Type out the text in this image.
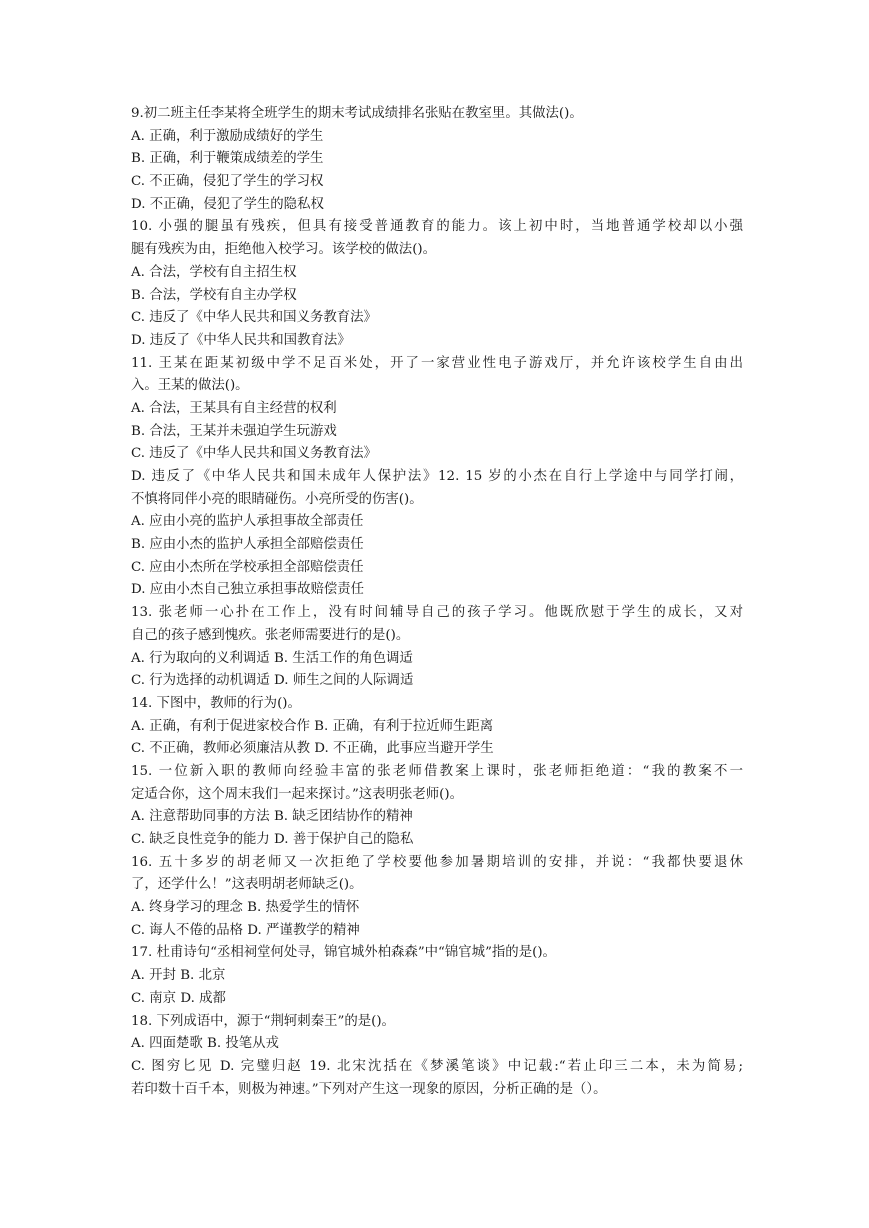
9.初二班主任李某将全班学生的期末考试成绩排名张贴在教室里。其做法()。
A. 正确，利于激励成绩好的学生
B. 正确，利于鞭策成绩差的学生
C. 不正确，侵犯了学生的学习权
D. 不正确，侵犯了学生的隐私权
10. 小强的腿虽有残疾，但具有接受普通教育的能力。该上初中时，当地普通学校却以小强
腿有残疾为由，拒绝他入校学习。该学校的做法()。
A. 合法，学校有自主招生权
B. 合法，学校有自主办学权
C. 违反了《中华人民共和国义务教育法》
D. 违反了《中华人民共和国教育法》
11. 王某在距某初级中学不足百米处，开了一家营业性电子游戏厅，并允许该校学生自由出
入。王某的做法()。
A. 合法，王某具有自主经营的权利
B. 合法，王某并未强迫学生玩游戏
C. 违反了《中华人民共和国义务教育法》
D. 违反了《中华人民共和国未成年人保护法》12. 15 岁的小杰在自行上学途中与同学打闹，
不慎将同伴小亮的眼睛碰伤。小亮所受的伤害()。
A. 应由小亮的监护人承担事故全部责任
B. 应由小杰的监护人承担全部赔偿责任
C. 应由小杰所在学校承担全部赔偿责任
D. 应由小杰自己独立承担事故赔偿责任
13. 张老师一心扑在工作上，没有时间辅导自己的孩子学习。他既欣慰于学生的成长，又对
自己的孩子感到愧疚。张老师需要进行的是()。
A. 行为取向的义利调适 B. 生活工作的角色调适
C. 行为选择的动机调适 D. 师生之间的人际调适
14. 下图中，教师的行为()。
A. 正确，有利于促进家校合作 B. 正确，有利于拉近师生距离
C. 不正确，教师必须廉洁从教 D. 不正确，此事应当避开学生
15. 一位新入职的教师向经验丰富的张老师借教案上课时，张老师拒绝道：“我的教案不一
定适合你，这个周末我们一起来探讨。”这表明张老师()。
A. 注意帮助同事的方法 B. 缺乏团结协作的精神
C. 缺乏良性竞争的能力 D. 善于保护自己的隐私
16. 五十多岁的胡老师又一次拒绝了学校要他参加暑期培训的安排，并说：“我都快要退休
了，还学什么！”这表明胡老师缺乏()。
A. 终身学习的理念 B. 热爱学生的情怀
C. 诲人不倦的品格 D. 严谨教学的精神
17. 杜甫诗句“丞相祠堂何处寻，锦官城外柏森森”中“锦官城”指的是()。
A. 开封 B. 北京
C. 南京 D. 成都
18. 下列成语中，源于“荆轲刺秦王”的是()。
A. 四面楚歌 B. 投笔从戎
C. 图穷匕见 D. 完璧归赵 19. 北宋沈括在《梦溪笔谈》中记载:“若止印三二本，未为简易;
若印数十百千本，则极为神速。”下列对产生这一现象的原因，分析正确的是（）。
